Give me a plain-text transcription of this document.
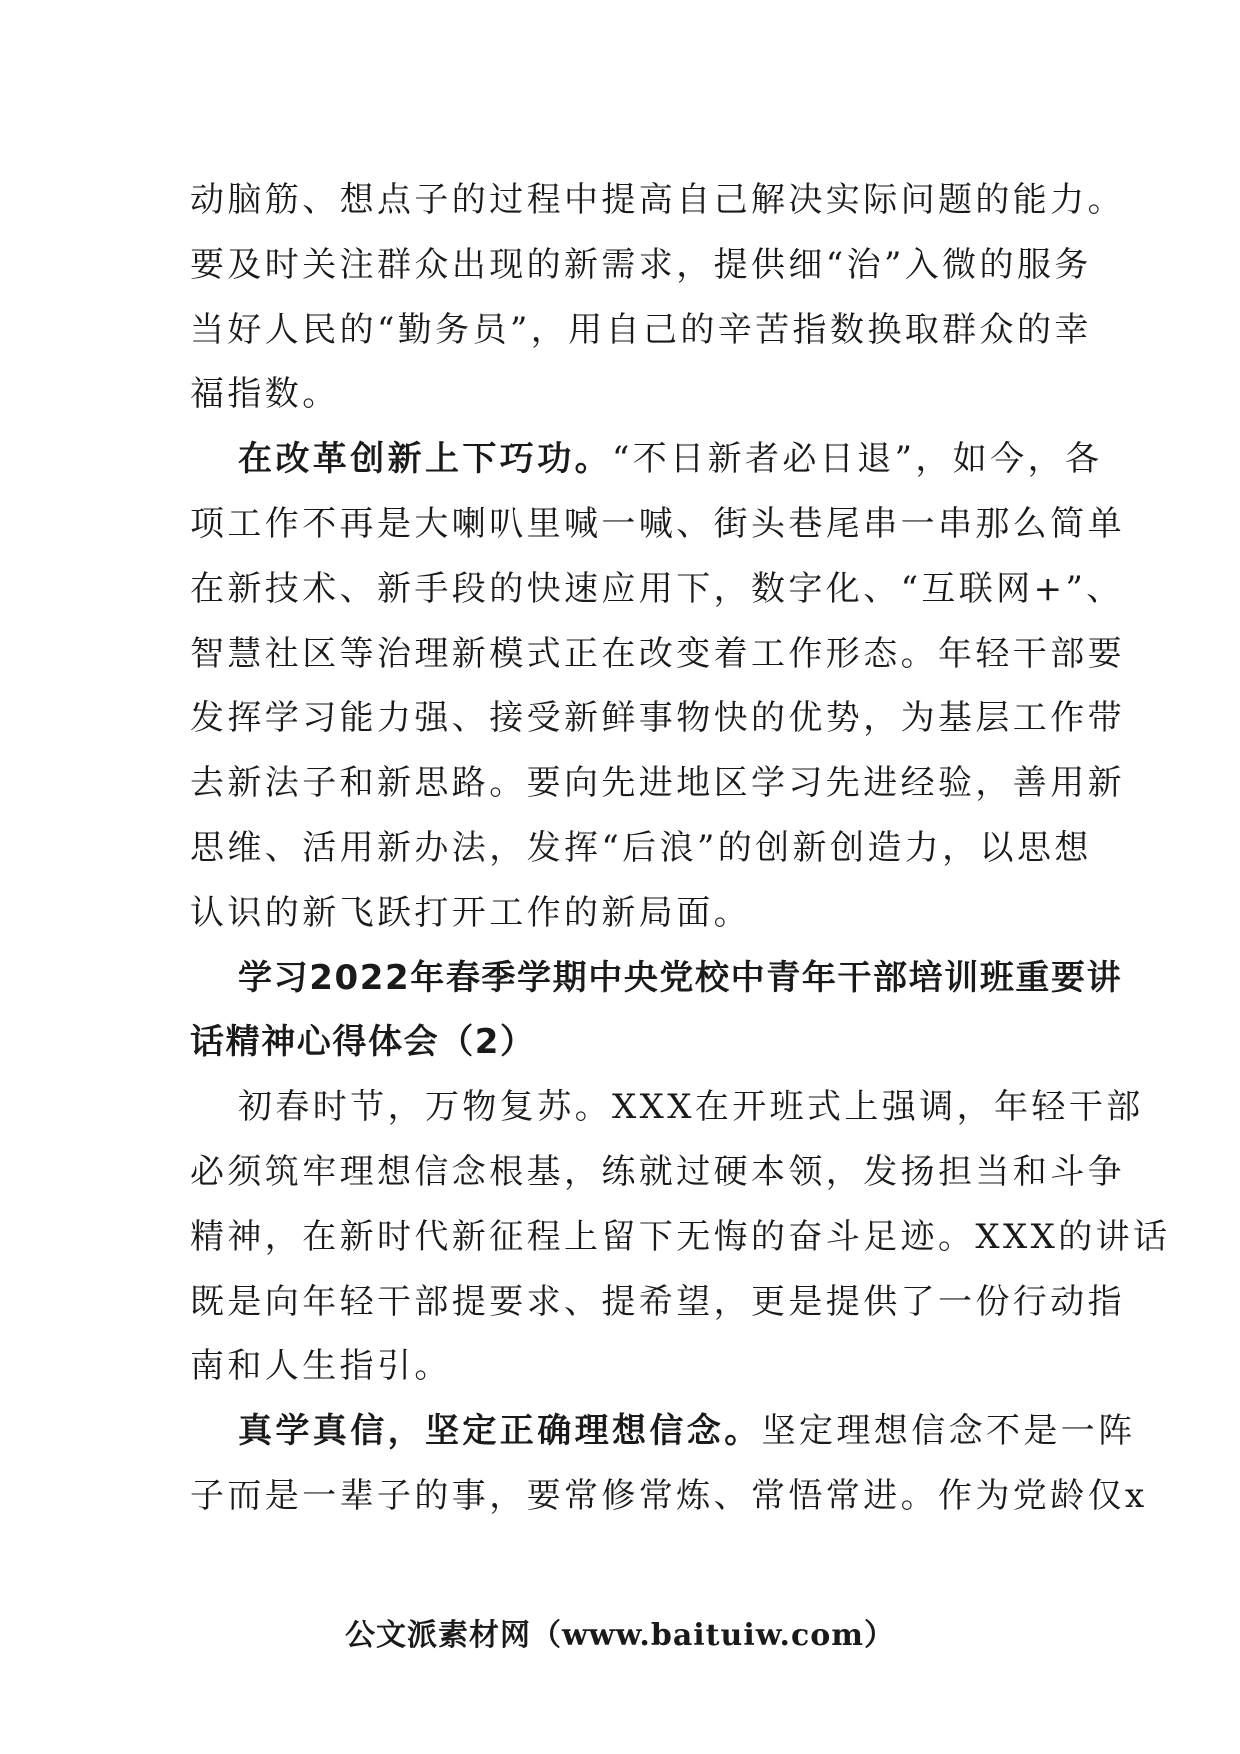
动脑筋、想点子的过程中提高自己解决实际问题的能力。
要及时关注群众出现的新需求，提供细“治”入微的服务
当好人民的“勤务员”，用自己的辛苦指数换取群众的幸
福指数。
在改革创新上下巧功。“不日新者必日退”，如今，各
项工作不再是大喇叭里喊一喊、街头巷尾串一串那么简单
在新技术、新手段的快速应用下，数字化、“互联网+”、
智慧社区等治理新模式正在改变着工作形态。年轻干部要
发挥学习能力强、接受新鲜事物快的优势，为基层工作带
去新法子和新思路。要向先进地区学习先进经验，善用新
思维、活用新办法，发挥“后浪”的创新创造力，以思想
认识的新飞跃打开工作的新局面。
学习2022年春季学期中央党校中青年干部培训班重要讲
话精神心得体会（2）
初春时节，万物复苏。XXX在开班式上强调，年轻干部
必须筑牢理想信念根基，练就过硬本领，发扬担当和斗争
精神，在新时代新征程上留下无悔的奋斗足迹。XXX的讲话
既是向年轻干部提要求、提希望，更是提供了一份行动指
南和人生指引。
真学真信，坚定正确理想信念。坚定理想信念不是一阵
子而是一辈子的事，要常修常炼、常悟常进。作为党龄仅x
公文派素材网（www.baituiw.com）
